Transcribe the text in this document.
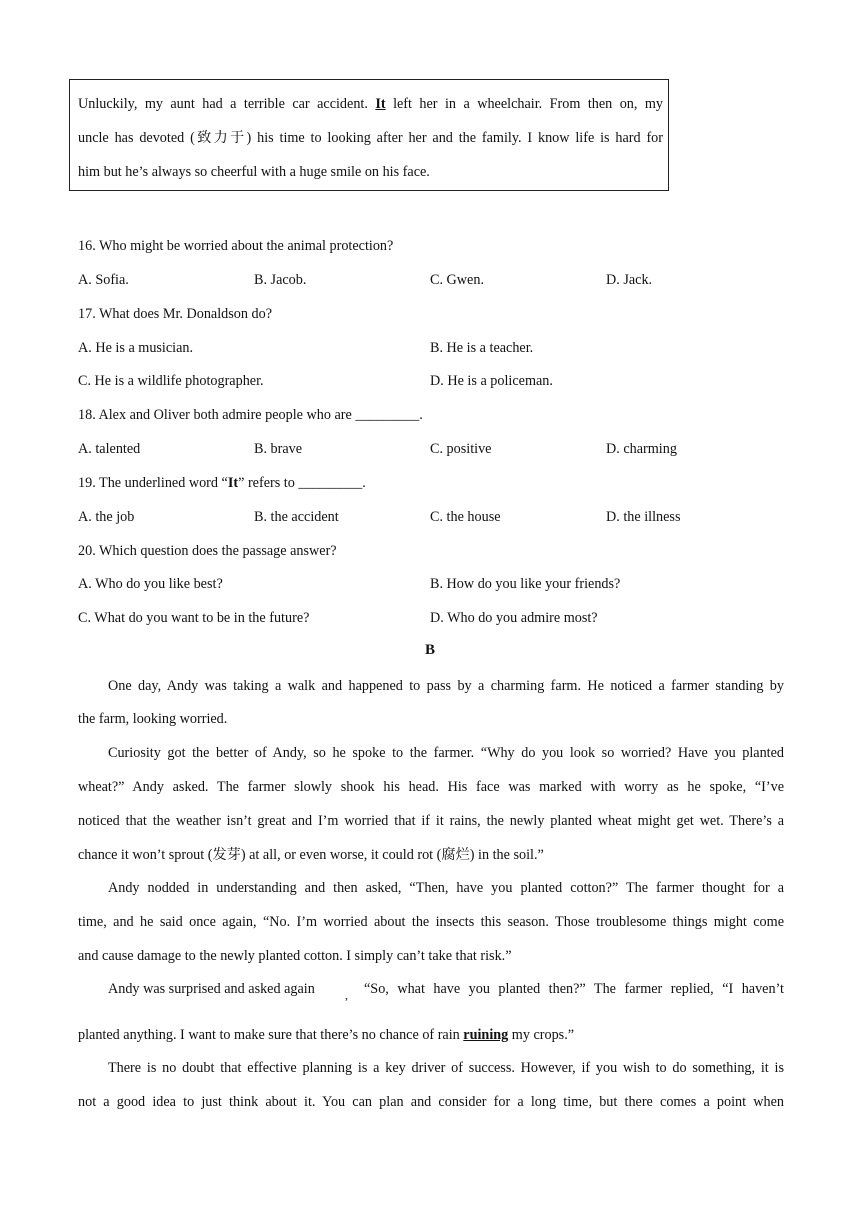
Unluckily, my aunt had a terrible car accident. It left her in a wheelchair. From then on, my
uncle has devoted (致力于) his time to looking after her and the family. I know life is hard for
him but he’s always so cheerful with a huge smile on his face.
16. Who might be worried about the animal protection?
A. Sofia.	B. Jacob.	C. Gwen.	D. Jack.
17. What does Mr. Donaldson do?
A. He is a musician.	B. He is a teacher.
C. He is a wildlife photographer.	D. He is a policeman.
18. Alex and Oliver both admire people who are _________.
A. talented	B. brave	C. positive	D. charming
19. The underlined word “It” refers to _________.
A. the job	B. the accident	C. the house	D. the illness
20. Which question does the passage answer?
A. Who do you like best?	B. How do you like your friends?
C. What do you want to be in the future?	D. Who do you admire most?
B
One day, Andy was taking a walk and happened to pass by a charming farm. He noticed a farmer standing by
the farm, looking worried.
Curiosity got the better of Andy, so he spoke to the farmer. “Why do you look so worried? Have you planted
wheat?” Andy asked. The farmer slowly shook his head. His face was marked with worry as he spoke, “I’ve
noticed that the weather isn’t great and I’m worried that if it rains, the newly planted wheat might get wet. There’s a
chance it won’t sprout (发芽) at all, or even worse, it could rot (腐烂) in the soil.”
Andy nodded in understanding and then asked, “Then, have you planted cotton?” The farmer thought for a
time, and he said once again, “No. I’m worried about the insects this season. Those troublesome things might come
and cause damage to the newly planted cotton. I simply can’t take that risk.”
Andy was surprised and asked again	, “So, what have you planted then?” The farmer replied, “I haven’t
planted anything. I want to make sure that there’s no chance of rain ruining my crops.”
There is no doubt that effective planning is a key driver of success. However, if you wish to do something, it is
not a good idea to just think about it. You can plan and consider for a long time, but there comes a point when
